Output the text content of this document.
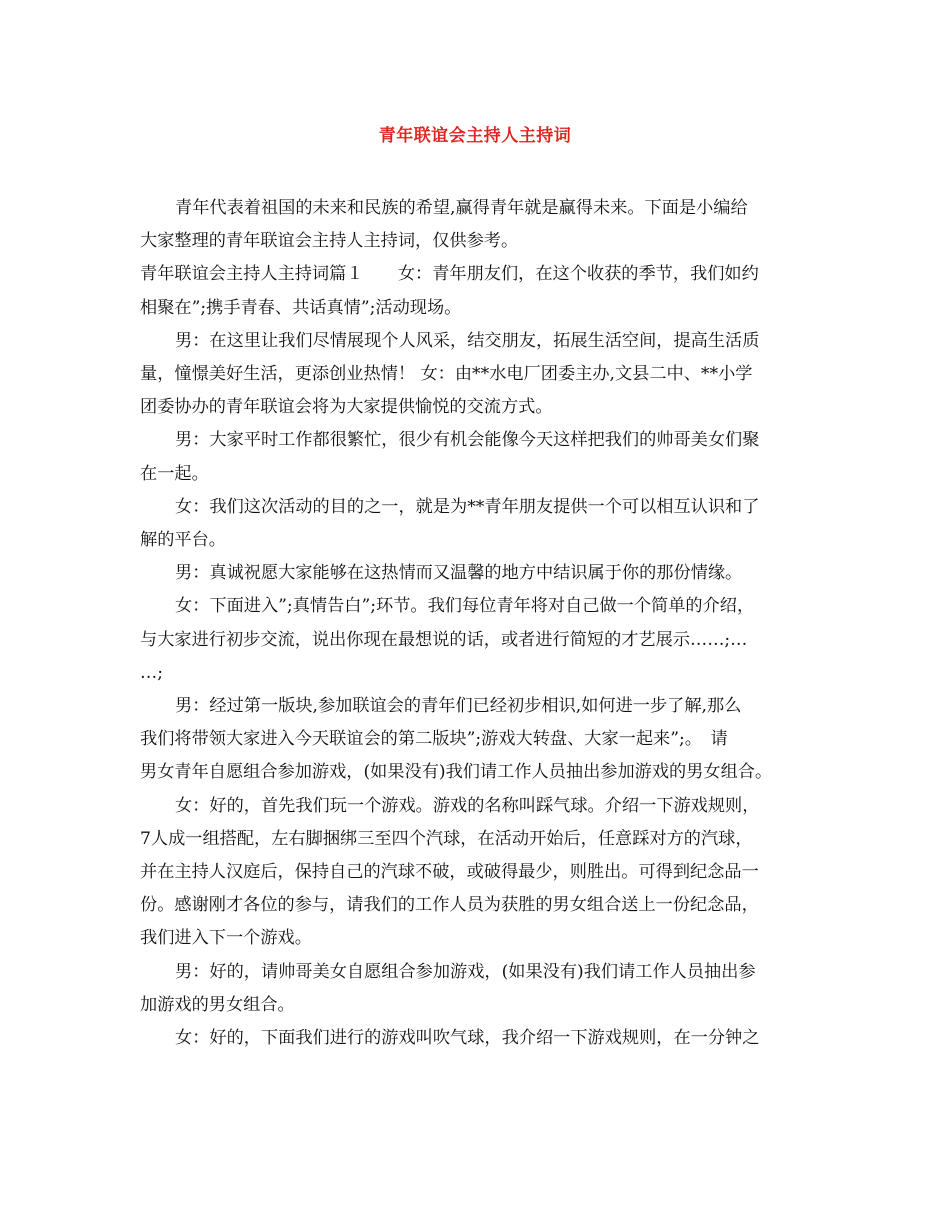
青年联谊会主持人主持词

青年代表着祖国的未来和民族的希望,赢得青年就是赢得未来。下面是小编给

大家整理的青年联谊会主持人主持词，仅供参考。

青年联谊会主持人主持词篇１　　女：青年朋友们，在这个收获的季节，我们如约

相聚在”;携手青春、共话真情”;活动现场。

男：在这里让我们尽情展现个人风采，结交朋友，拓展生活空间，提高生活质

量，憧憬美好生活，更添创业热情！ 女：由**水电厂团委主办,文县二中、**小学

团委协办的青年联谊会将为大家提供愉悦的交流方式。

男：大家平时工作都很繁忙，很少有机会能像今天这样把我们的帅哥美女们聚

在一起。

女：我们这次活动的目的之一，就是为**青年朋友提供一个可以相互认识和了

解的平台。

男：真诚祝愿大家能够在这热情而又温馨的地方中结识属于你的那份情缘。

女：下面进入”;真情告白”;环节。我们每位青年将对自己做一个简单的介绍，

与大家进行初步交流，说出你现在最想说的话，或者进行简短的才艺展示……;…

…;

男：经过第一版块,参加联谊会的青年们已经初步相识,如何进一步了解,那么

我们将带领大家进入今天联谊会的第二版块”;游戏大转盘、大家一起来”;。　请

男女青年自愿组合参加游戏，(如果没有)我们请工作人员抽出参加游戏的男女组合。

女：好的，首先我们玩一个游戏。游戏的名称叫踩气球。介绍一下游戏规则，

7人成一组搭配，左右脚捆绑三至四个汽球，在活动开始后，任意踩对方的汽球，

并在主持人汉庭后，保持自己的汽球不破，或破得最少，则胜出。可得到纪念品一

份。感谢刚才各位的参与，请我们的工作人员为获胜的男女组合送上一份纪念品，

我们进入下一个游戏。

男：好的，请帅哥美女自愿组合参加游戏，(如果没有)我们请工作人员抽出参

加游戏的男女组合。

女：好的，下面我们进行的游戏叫吹气球，我介绍一下游戏规则，在一分钟之
